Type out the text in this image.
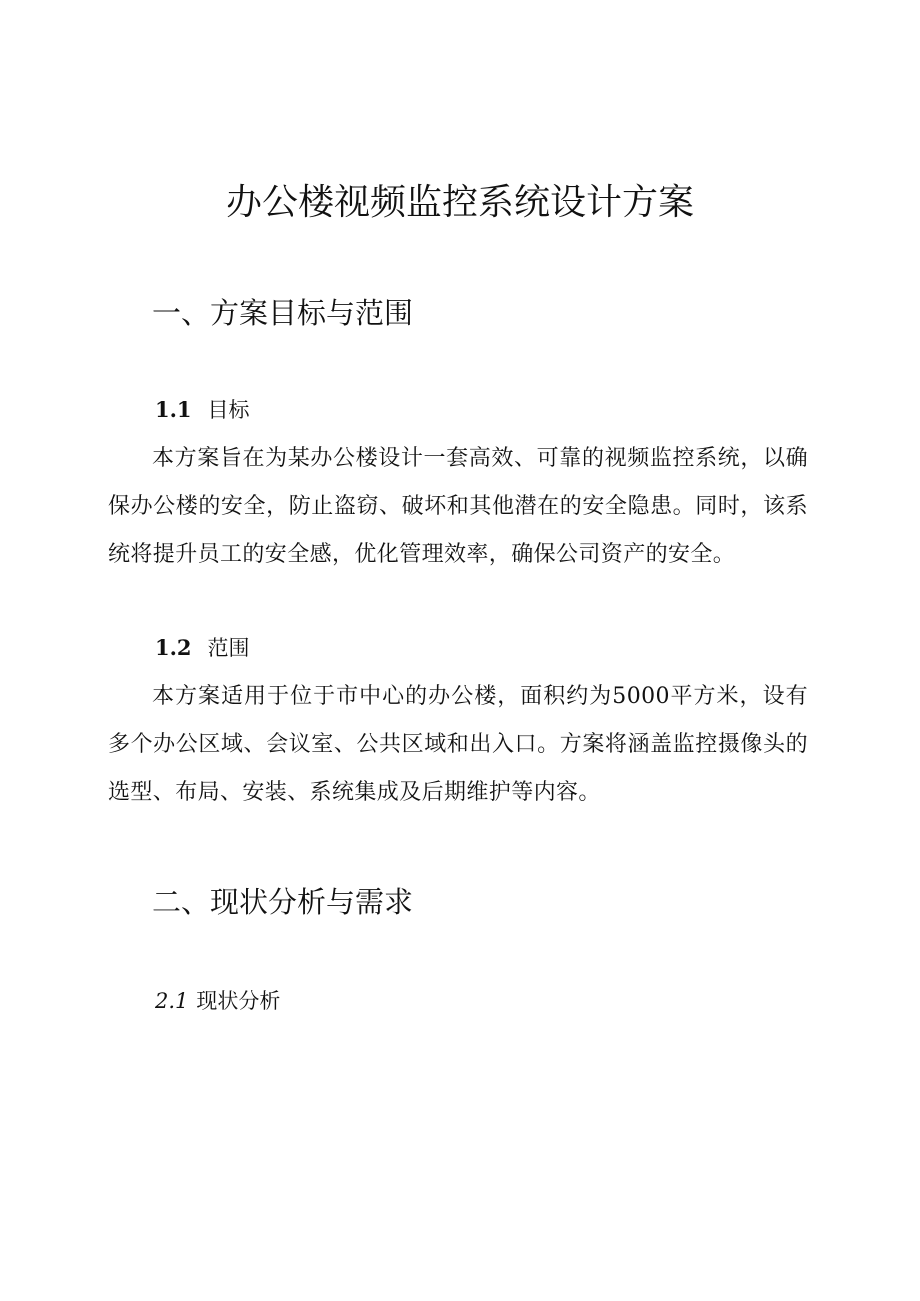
办公楼视频监控系统设计方案
一、方案目标与范围
1.1 目标
本方案旨在为某办公楼设计一套高效、可靠的视频监控系统，以确保办公楼的安全，防止盗窃、破坏和其他潜在的安全隐患。同时，该系统将提升员工的安全感，优化管理效率，确保公司资产的安全。
1.2 范围
本方案适用于位于市中心的办公楼，面积约为5000平方米，设有多个办公区域、会议室、公共区域和出入口。方案将涵盖监控摄像头的选型、布局、安装、系统集成及后期维护等内容。
二、现状分析与需求
2.1 现状分析
